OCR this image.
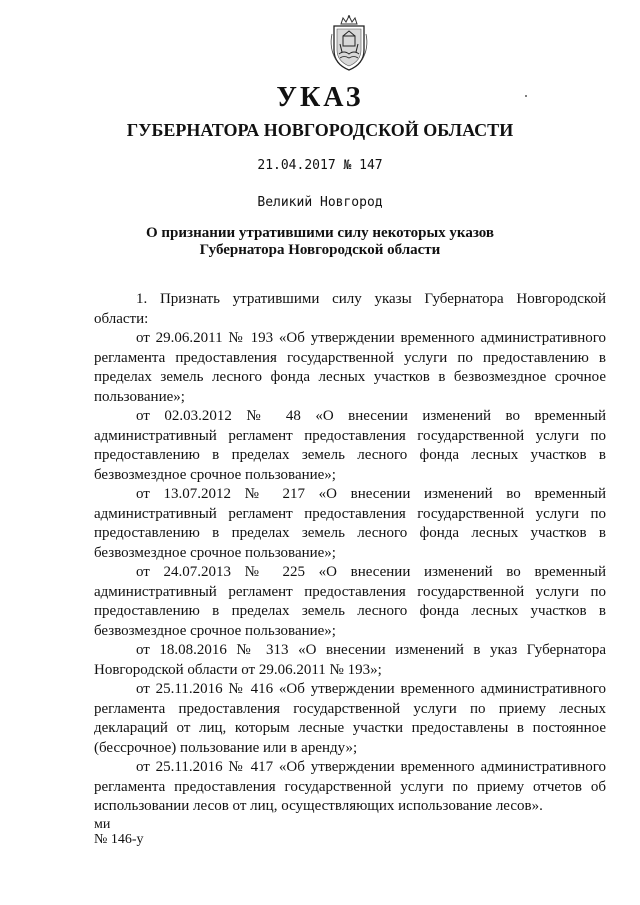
УКАЗ
ГУБЕРНАТОРА НОВГОРОДСКОЙ ОБЛАСТИ
21.04.2017 № 147
Великий Новгород
О признании утратившими силу некоторых указов
Губернатора Новгородской области

1. Признать утратившими силу указы Губернатора Новгородской области:

от 29.06.2011 № 193 «Об утверждении временного административного регламента предоставления государственной услуги по предоставлению в пределах земель лесного фонда лесных участков в безвозмездное срочное пользование»;

от 02.03.2012 № 48 «О внесении изменений во временный административный регламент предоставления государственной услуги по предоставлению в пределах земель лесного фонда лесных участков в безвозмездное срочное пользование»;

от 13.07.2012 № 217 «О внесении изменений во временный административный регламент предоставления государственной услуги по предоставлению в пределах земель лесного фонда лесных участков в безвозмездное срочное пользование»;

от 24.07.2013 № 225 «О внесении изменений во временный административный регламент предоставления государственной услуги по предоставлению в пределах земель лесного фонда лесных участков в безвозмездное срочное пользование»;

от 18.08.2016 № 313 «О внесении изменений в указ Губернатора Новгородской области от 29.06.2011 № 193»;

от 25.11.2016 № 416 «Об утверждении временного административного регламента предоставления государственной услуги по приему лесных деклараций от лиц, которым лесные участки предоставлены в постоянное (бессрочное) пользование или в аренду»;

от 25.11.2016 № 417 «Об утверждении временного административного регламента предоставления государственной услуги по приему отчетов об использовании лесов от лиц, осуществляющих использование лесов».

ми
№ 146-у
